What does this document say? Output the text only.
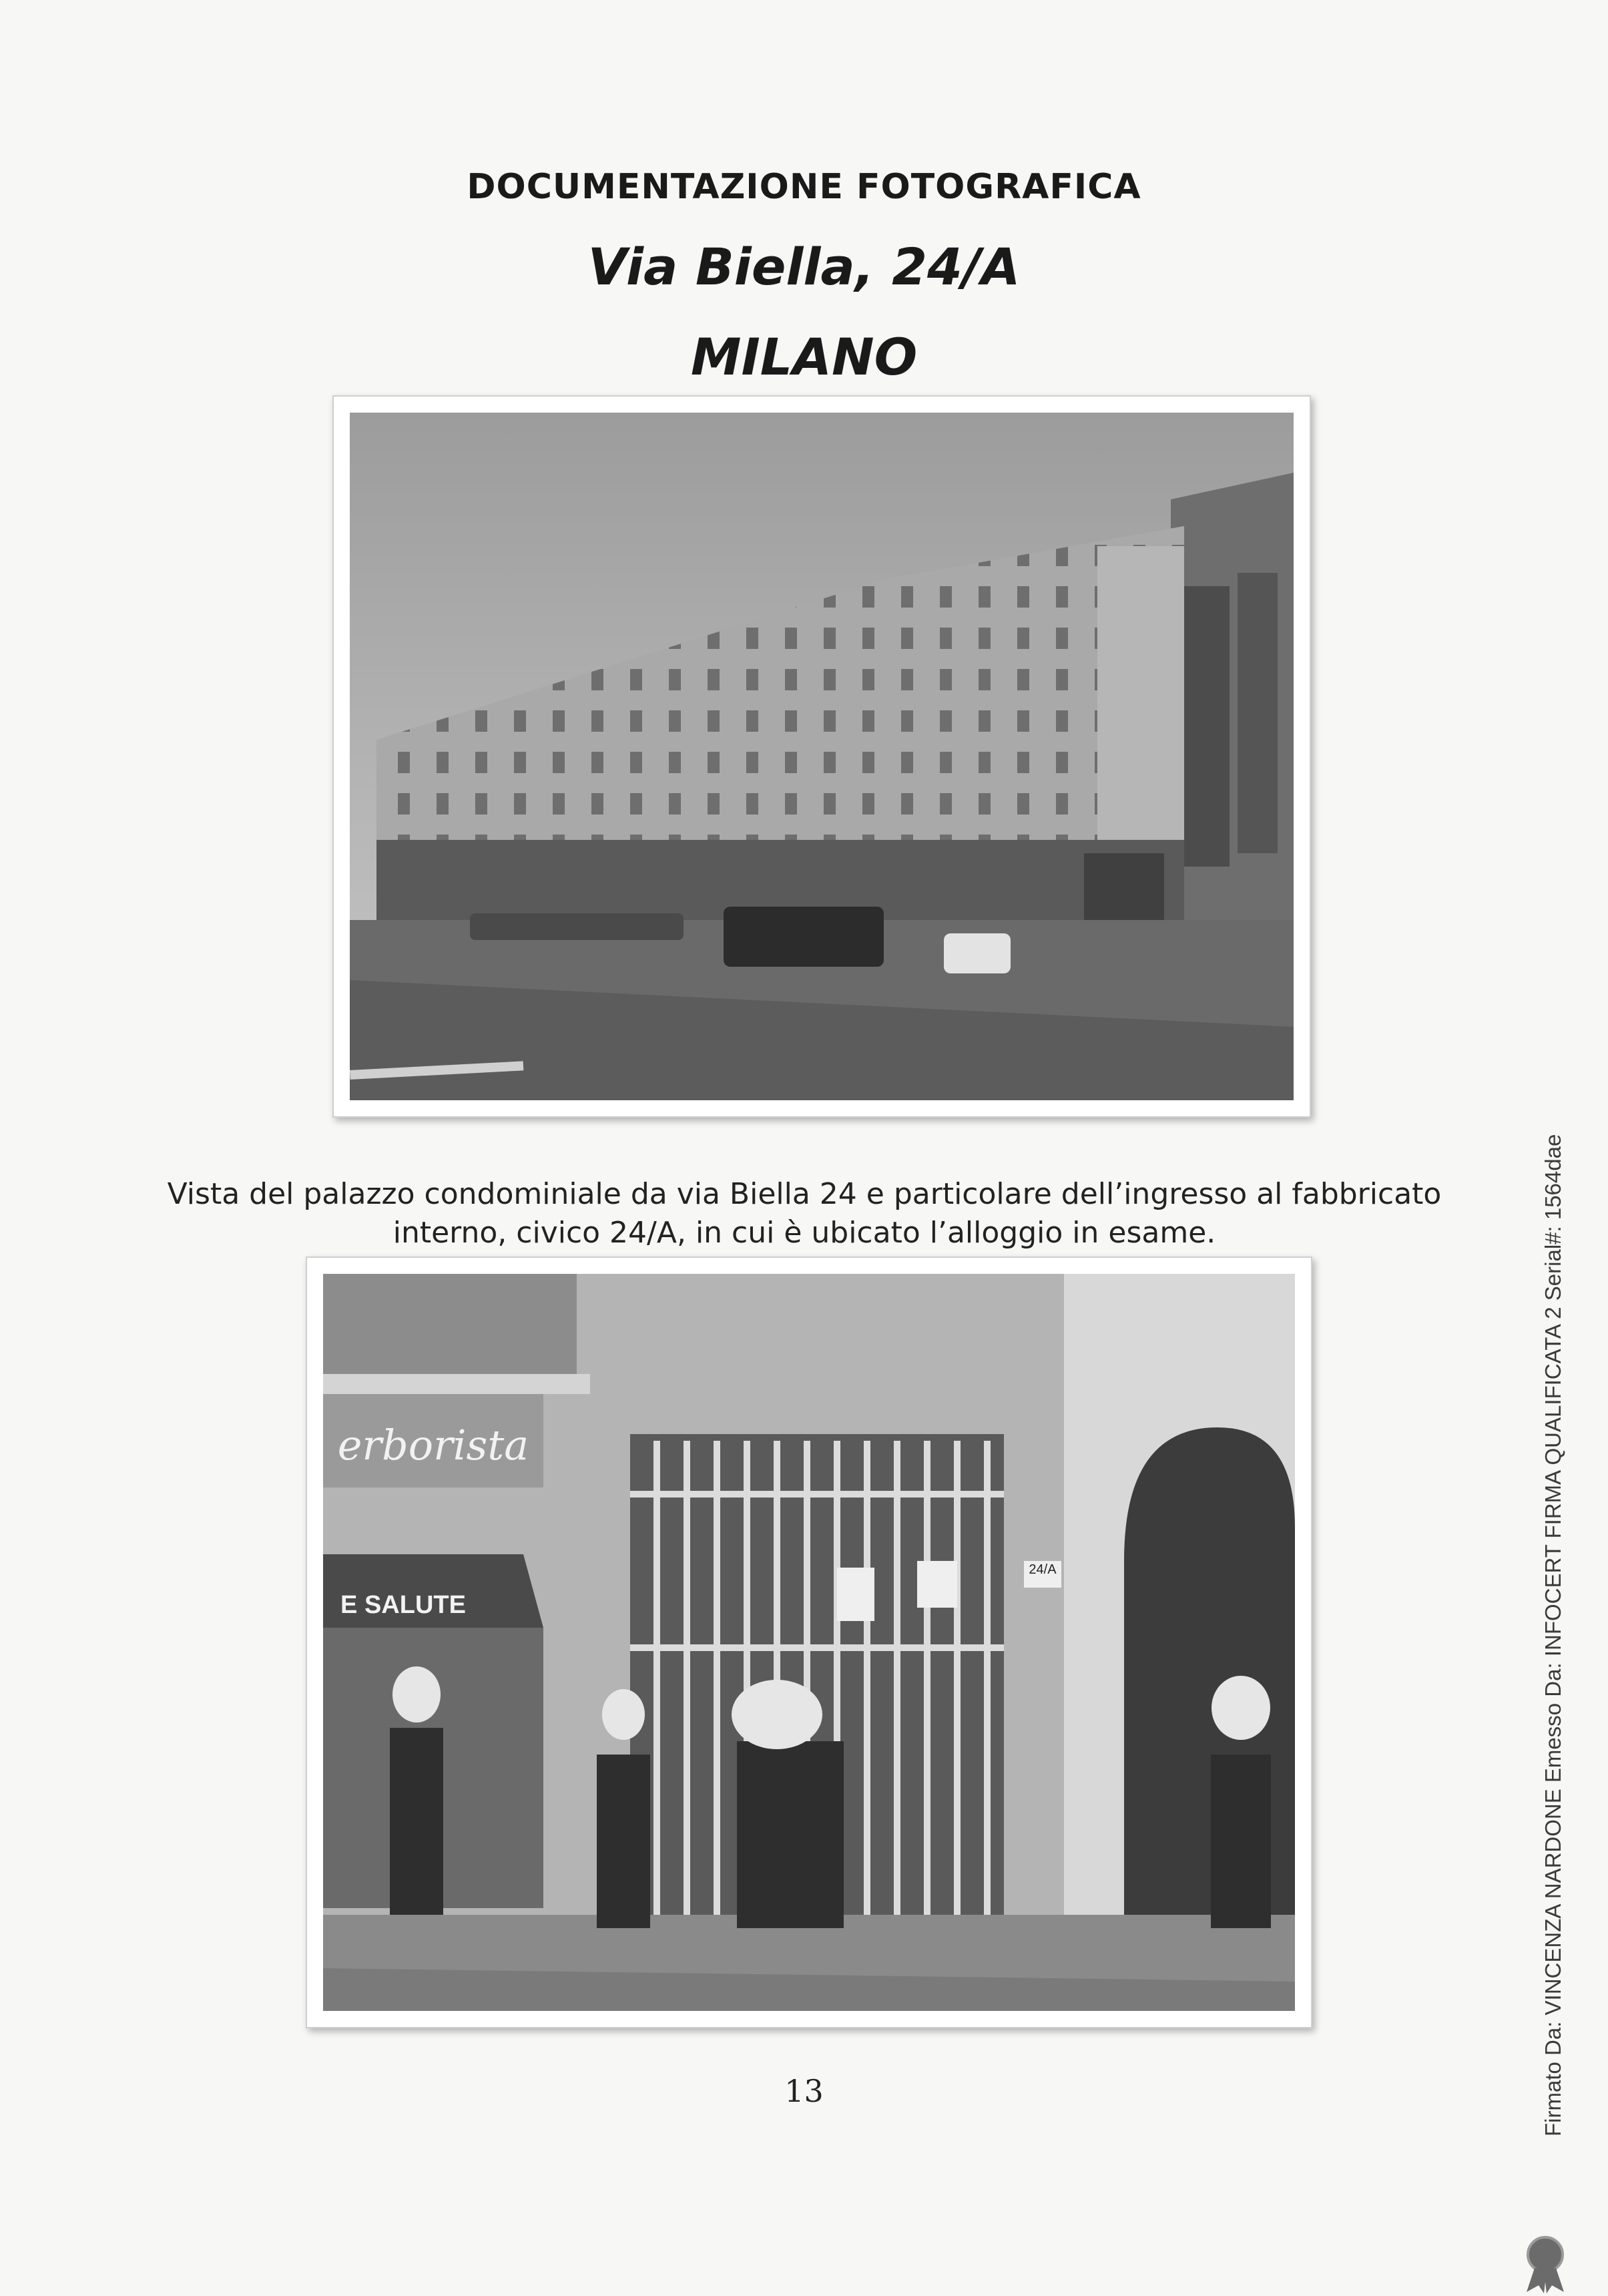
DOCUMENTAZIONE FOTOGRAFICA
Via Biella, 24/A
MILANO
Vista del palazzo condominiale da via Biella 24 e particolare dell’ingresso al fabbricato
interno, civico 24/A, in cui è ubicato l’alloggio in esame.
erborista
E SALUTE
24/A
13	Firmato Da: VINCENZA NARDONE Emesso Da: INFOCERT FIRMA QUALIFICATA 2 Serial#: 1564dae
